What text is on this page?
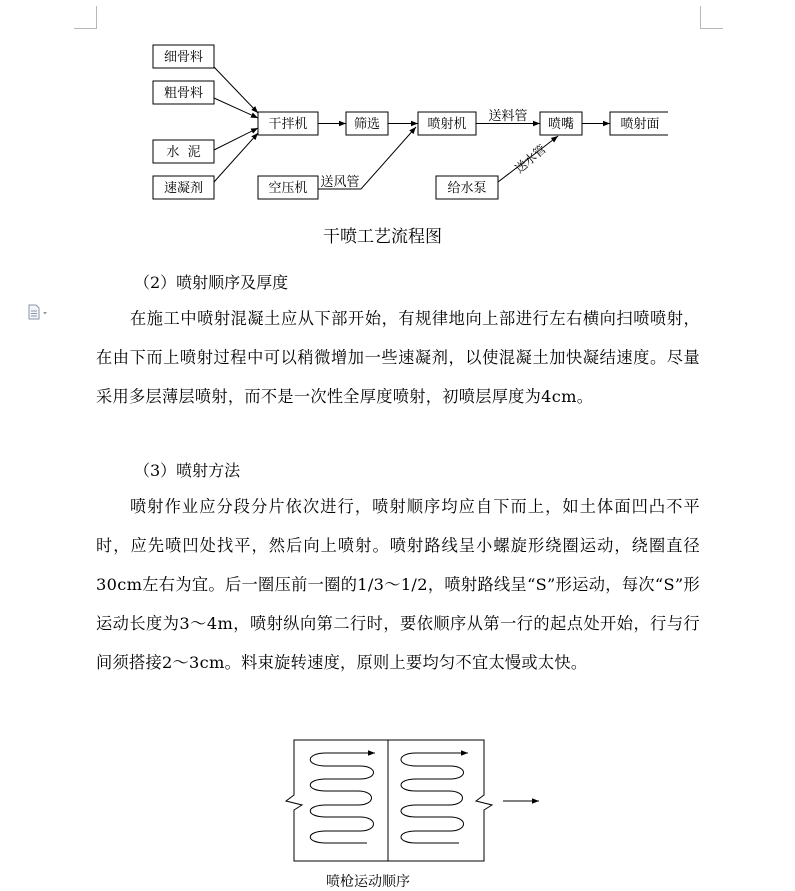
细骨料
粗骨料
水  泥
速凝剂
干拌机	筛选	喷射机	喷嘴	喷射面
空压机	给水泵
送料管
送风管
送水管
干喷工艺流程图
（2）喷射顺序及厚度
在施工中喷射混凝土应从下部开始，有规律地向上部进行左右横向扫喷喷射，在由下而上喷射过程中可以稍微增加一些速凝剂，以使混凝土加快凝结速度。尽量采用多层薄层喷射，而不是一次性全厚度喷射，初喷层厚度为4cm。
（3）喷射方法
喷射作业应分段分片依次进行，喷射顺序均应自下而上，如土体面凹凸不平时，应先喷凹处找平，然后向上喷射。喷射路线呈小螺旋形绕圈运动，绕圈直径30cm左右为宜。后一圈压前一圈的1/3～1/2，喷射路线呈“S”形运动，每次“S”形运动长度为3～4m，喷射纵向第二行时，要依顺序从第一行的起点处开始，行与行间须搭接2～3cm。料束旋转速度，原则上要均匀不宜太慢或太快。
喷枪运动顺序
